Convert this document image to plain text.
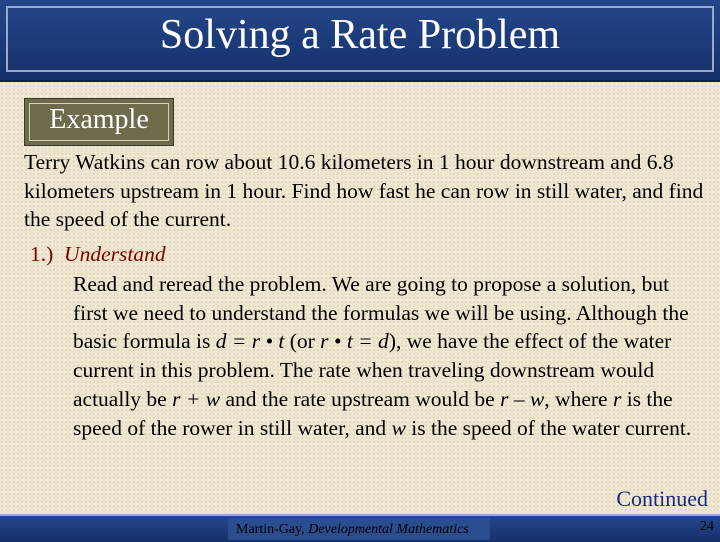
Solving a Rate Problem
Example
Terry Watkins can row about 10.6 kilometers in 1 hour downstream and 6.8 kilometers upstream in 1 hour. Find how fast he can row in still water, and find the speed of the current.
1.) Understand
Read and reread the problem. We are going to propose a solution, but first we need to understand the formulas we will be using. Although the basic formula is d = r • t (or r • t = d), we have the effect of the water current in this problem. The rate when traveling downstream would actually be r + w and the rate upstream would be r – w, where r is the speed of the rower in still water, and w is the speed of the water current.
Continued
Martin-Gay, Developmental Mathematics	24
